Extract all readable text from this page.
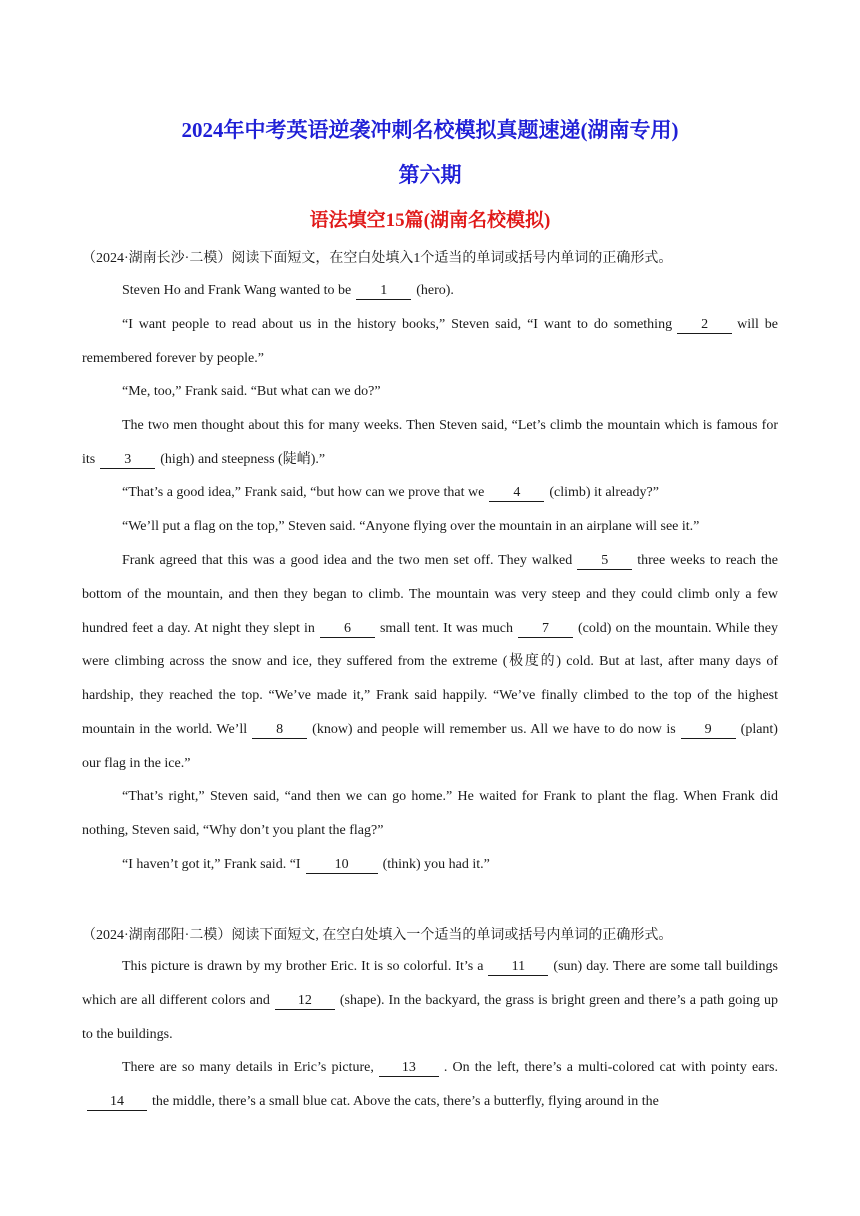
2024年中考英语逆袭冲刺名校模拟真题速递(湖南专用)
第六期
语法填空15篇(湖南名校模拟)

（2024·湖南长沙·二模）阅读下面短文，在空白处填入1个适当的单词或括号内单词的正确形式。

Steven Ho and Frank Wang wanted to be 1 (hero).

“I want people to read about us in the history books,” Steven said, “I want to do something 2 will be remembered forever by people.”

“Me, too,” Frank said. “But what can we do?”

The two men thought about this for many weeks. Then Steven said, “Let’s climb the mountain which is famous for its 3 (high) and steepness (陡峭).”

“That’s a good idea,” Frank said, “but how can we prove that we 4 (climb) it already?”

“We’ll put a flag on the top,” Steven said. “Anyone flying over the mountain in an airplane will see it.”

Frank agreed that this was a good idea and the two men set off. They walked 5 three weeks to reach the bottom of the mountain, and then they began to climb. The mountain was very steep and they could climb only a few hundred feet a day. At night they slept in 6 small tent. It was much 7 (cold) on the mountain. While they were climbing across the snow and ice, they suffered from the extreme (极度的) cold. But at last, after many days of hardship, they reached the top. “We’ve made it,” Frank said happily. “We’ve finally climbed to the top of the highest mountain in the world. We’ll 8 (know) and people will remember us. All we have to do now is 9 (plant) our flag in the ice.”

“That’s right,” Steven said, “and then we can go home.” He waited for Frank to plant the flag. When Frank did nothing, Steven said, “Why don’t you plant the flag?”

“I haven’t got it,” Frank said. “I 10 (think) you had it.”

（2024·湖南邵阳·二模）阅读下面短文, 在空白处填入一个适当的单词或括号内单词的正确形式。

This picture is drawn by my brother Eric. It is so colorful. It’s a 11 (sun) day. There are some tall buildings which are all different colors and 12 (shape). In the backyard, the grass is bright green and there’s a path going up to the buildings.

There are so many details in Eric’s picture, 13 . On the left, there’s a multi-colored cat with pointy ears.14 the middle, there’s a small blue cat. Above the cats, there’s a butterfly, flying around in the
